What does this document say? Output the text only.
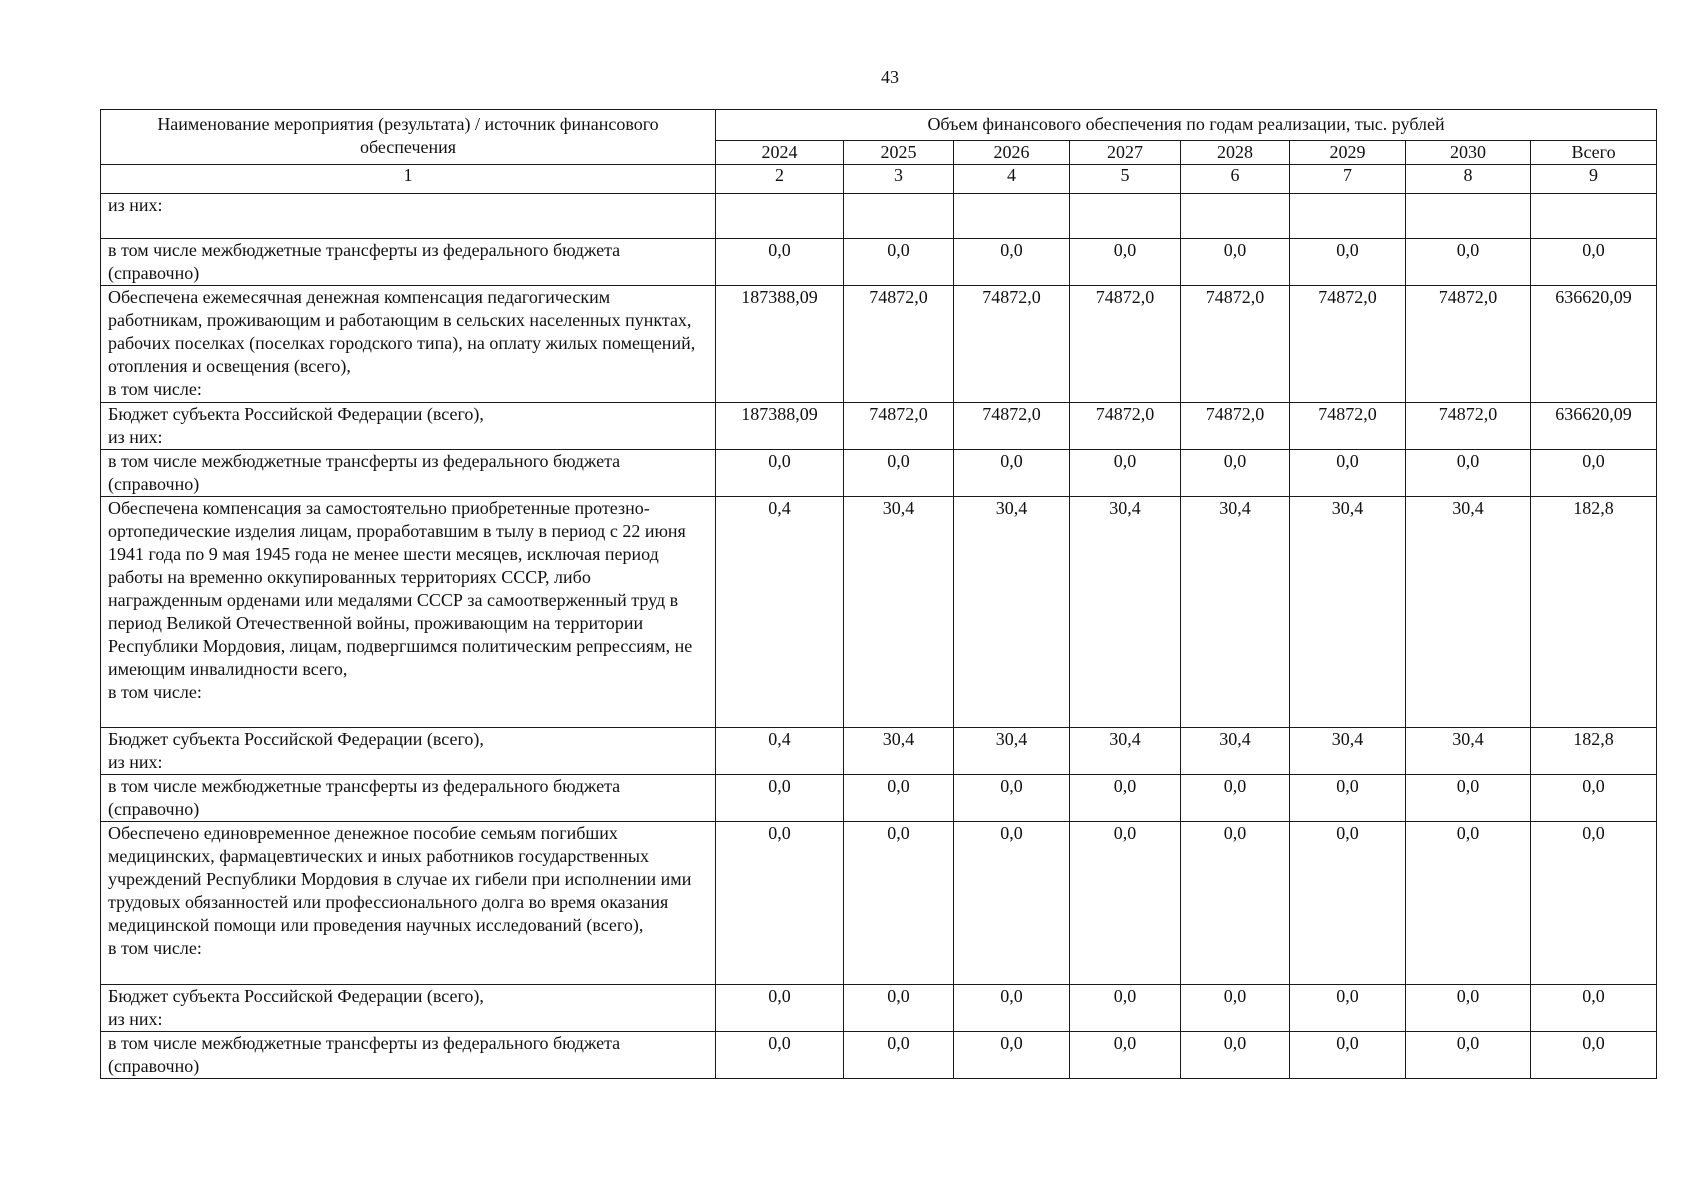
43
Наименование мероприятия (результата) / источник финансового обеспечения	Объем финансового обеспечения по годам реализации, тыс. рублей							
	2024	2025	2026	2027	2028	2029	2030	Всего
1	2	3	4	5	6	7	8	9
из них:								
в том числе межбюджетные трансферты из федерального бюджета (справочно)	0,0	0,0	0,0	0,0	0,0	0,0	0,0	0,0
Обеспечена ежемесячная денежная компенсация педагогическим работникам, проживающим и работающим в сельских населенных пунктах, рабочих поселках (поселках городского типа), на оплату жилых помещений, отопления и освещения (всего),
в том числе:	187388,09	74872,0	74872,0	74872,0	74872,0	74872,0	74872,0	636620,09
Бюджет субъекта Российской Федерации (всего),
из них:	187388,09	74872,0	74872,0	74872,0	74872,0	74872,0	74872,0	636620,09
в том числе межбюджетные трансферты из федерального бюджета (справочно)	0,0	0,0	0,0	0,0	0,0	0,0	0,0	0,0
Обеспечена компенсация за самостоятельно приобретенные протезно-ортопедические изделия лицам, проработавшим в тылу в период с 22 июня 1941 года по 9 мая 1945 года не менее шести месяцев, исключая период работы на временно оккупированных территориях СССР, либо награжденным орденами или медалями СССР за самоотверженный труд в период Великой Отечественной войны, проживающим на территории Республики Мордовия, лицам, подвергшимся политическим репрессиям, не имеющим инвалидности всего,
в том числе:	0,4	30,4	30,4	30,4	30,4	30,4	30,4	182,8
Бюджет субъекта Российской Федерации (всего),
из них:	0,4	30,4	30,4	30,4	30,4	30,4	30,4	182,8
в том числе межбюджетные трансферты из федерального бюджета (справочно)	0,0	0,0	0,0	0,0	0,0	0,0	0,0	0,0
Обеспечено единовременное денежное пособие семьям погибших медицинских, фармацевтических и иных работников государственных учреждений Республики Мордовия в случае их гибели при исполнении ими трудовых обязанностей или профессионального долга во время оказания медицинской помощи или проведения научных исследований (всего),
в том числе:	0,0	0,0	0,0	0,0	0,0	0,0	0,0	0,0
Бюджет субъекта Российской Федерации (всего),
из них:	0,0	0,0	0,0	0,0	0,0	0,0	0,0	0,0
в том числе межбюджетные трансферты из федерального бюджета (справочно)	0,0	0,0	0,0	0,0	0,0	0,0	0,0	0,0
